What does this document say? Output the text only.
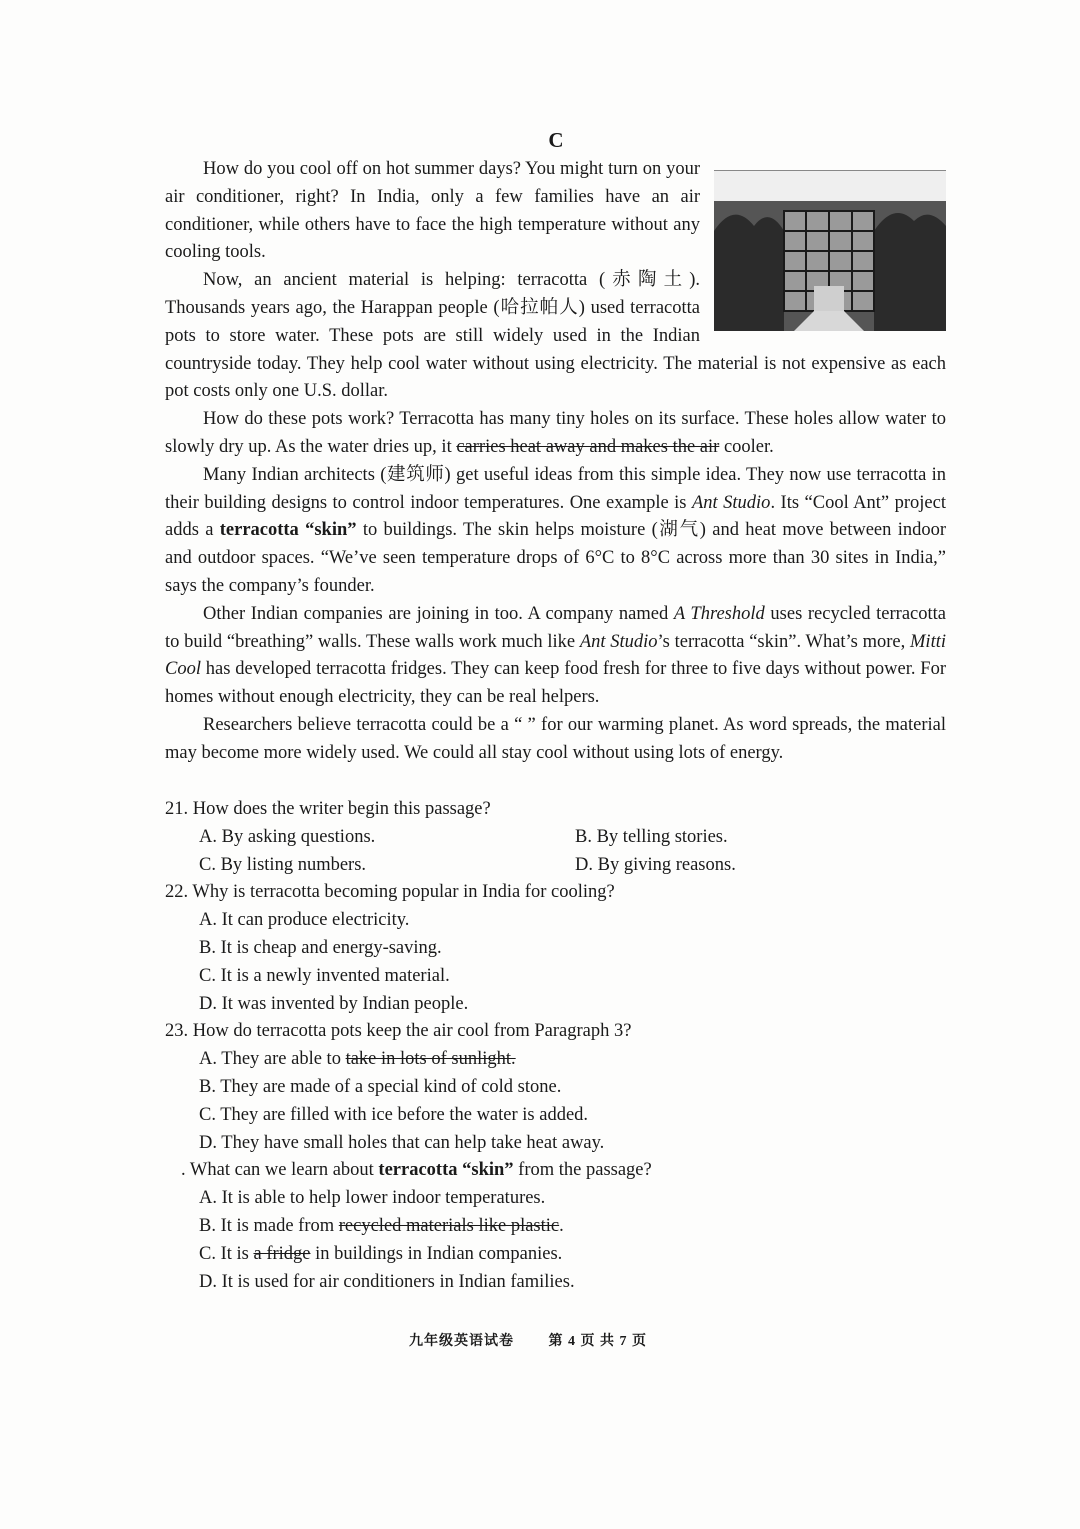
C

How do you cool off on hot summer days? You might turn on your air conditioner, right? In India, only a few families have an air conditioner, while others have to face the high temperature without any cooling tools.

Now, an ancient material is helping: terracotta (赤陶土). Thousands years ago, the Harappan people (哈拉帕人) used terracotta pots to store water. These pots are still widely used in the Indian countryside today. They help cool water without using electricity. The material is not expensive as each pot costs only one U.S. dollar.

How do these pots work? Terracotta has many tiny holes on its surface. These holes allow water to slowly dry up. As the water dries up, it carries heat away and makes the air cooler.

Many Indian architects (建筑师) get useful ideas from this simple idea. They now use terracotta in their building designs to control indoor temperatures. One example is Ant Studio. Its “Cool Ant” project adds a terracotta “skin” to buildings. The skin helps moisture (湖气) and heat move between indoor and outdoor spaces. “We’ve seen temperature drops of 6°C to 8°C across more than 30 sites in India,” says the company’s founder.

Other Indian companies are joining in too. A company named A Threshold uses recycled terracotta to build “breathing” walls. These walls work much like Ant Studio’s terracotta “skin”. What’s more, Mitti Cool has developed terracotta fridges. They can keep food fresh for three to five days without power. For homes without enough electricity, they can be real helpers.

Researchers believe terracotta could be a “ ” for our warming planet. As word spreads, the material may become more widely used. We could all stay cool without using lots of energy.

21. How does the writer begin this passage?

A. By asking questions.	B. By telling stories.

C. By listing numbers.	D. By giving reasons.

22. Why is terracotta becoming popular in India for cooling?

A. It can produce electricity.

B. It is cheap and energy-saving.

C. It is a newly invented material.

D. It was invented by Indian people.

23. How do terracotta pots keep the air cool from Paragraph 3?

A. They are able to take in lots of sunlight.

B. They are made of a special kind of cold stone.

C. They are filled with ice before the water is added.

D. They have small holes that can help take heat away.

. What can we learn about terracotta “skin” from the passage?

A. It is able to help lower indoor temperatures.

B. It is made from recycled materials like plastic.

C. It is a fridge in buildings in Indian companies.

D. It is used for air conditioners in Indian families.

九年级英语试卷 第 4 页 共 7 页
